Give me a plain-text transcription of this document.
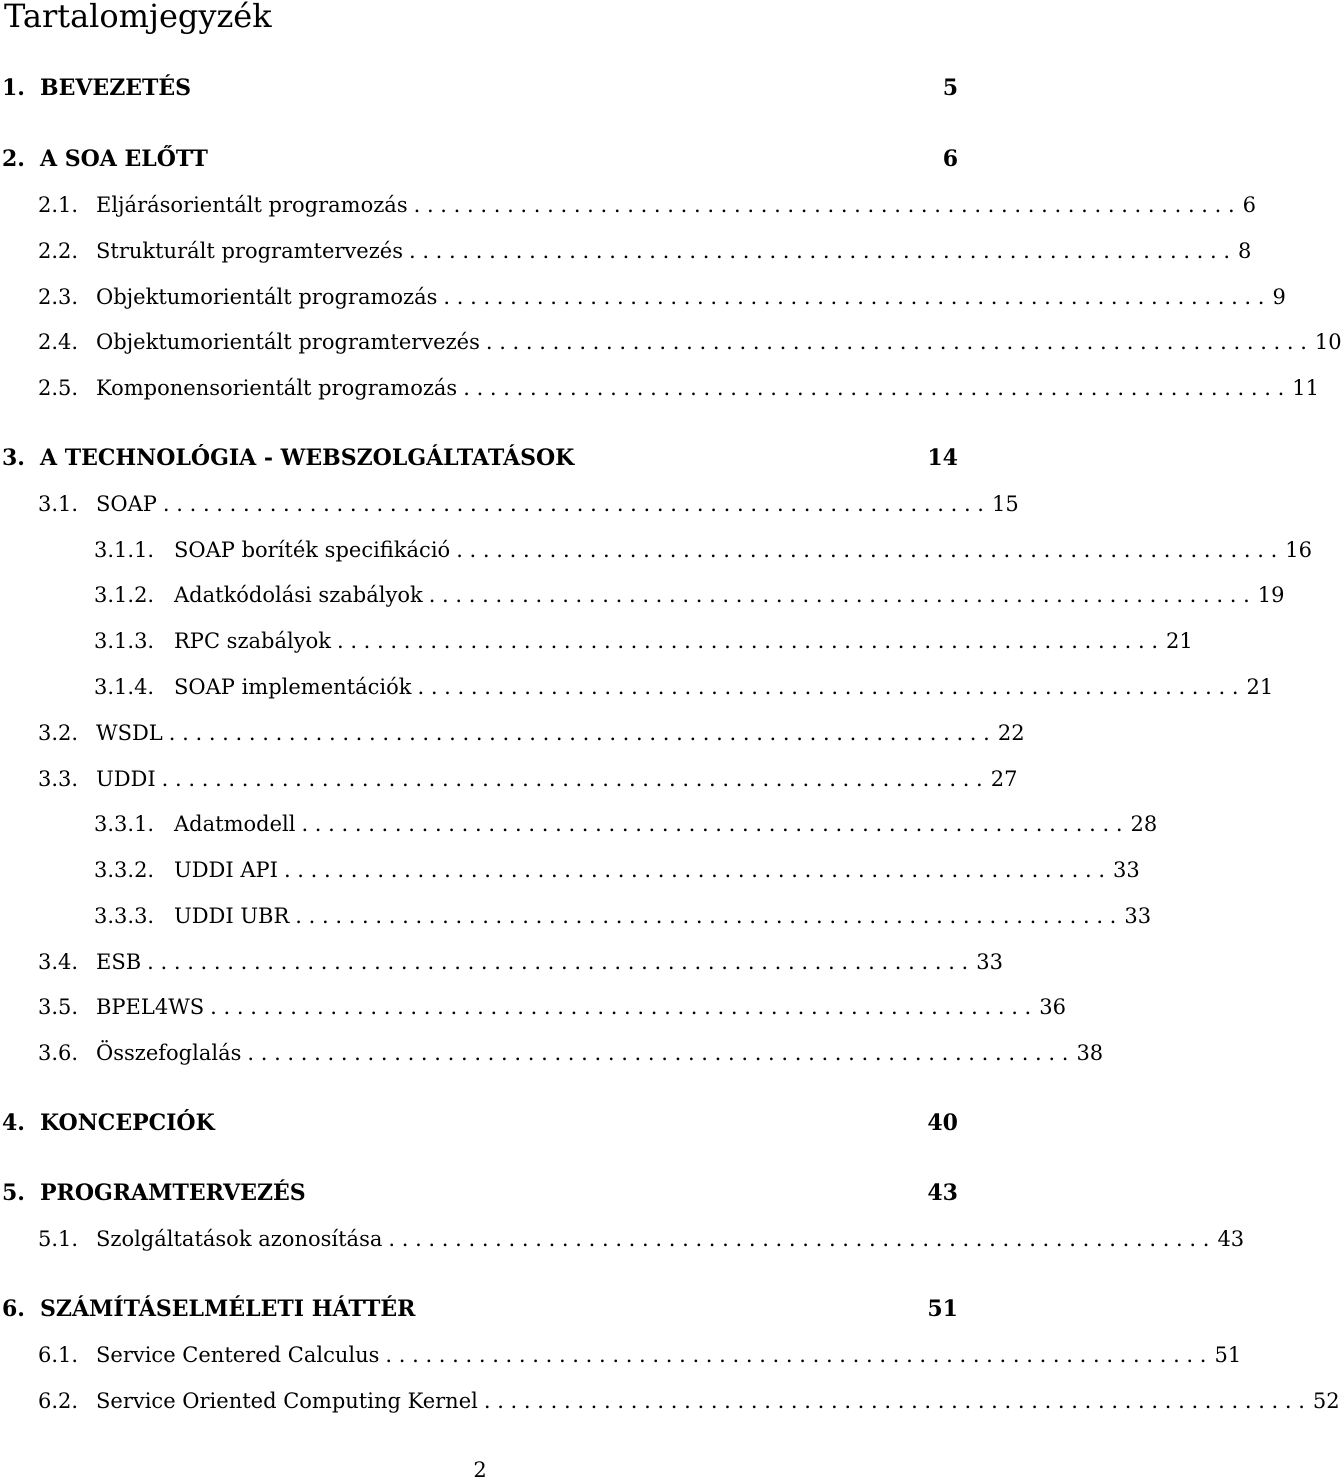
Tartalomjegyzék
1. BEVEZETÉS	5
2. A SOA ELŐTT	6
2.1. Eljárásorientált programozás . . . . . . . . . . . . . . . . . . . . . . . . . . . . . . . . . . . . . . . . . . . . . . . . . . . . . . . . . . . . . . 6
2.2. Strukturált programtervezés . . . . . . . . . . . . . . . . . . . . . . . . . . . . . . . . . . . . . . . . . . . . . . . . . . . . . . . . . . . . . . 8
2.3. Objektumorientált programozás . . . . . . . . . . . . . . . . . . . . . . . . . . . . . . . . . . . . . . . . . . . . . . . . . . . . . . . . . . . . . . 9
2.4. Objektumorientált programtervezés . . . . . . . . . . . . . . . . . . . . . . . . . . . . . . . . . . . . . . . . . . . . . . . . . . . . . . . . . . . . . . 10
2.5. Komponensorientált programozás . . . . . . . . . . . . . . . . . . . . . . . . . . . . . . . . . . . . . . . . . . . . . . . . . . . . . . . . . . . . . . 11
3. A TECHNOLÓGIA - WEBSZOLGÁLTATÁSOK	14
3.1. SOAP . . . . . . . . . . . . . . . . . . . . . . . . . . . . . . . . . . . . . . . . . . . . . . . . . . . . . . . . . . . . . . 15
3.1.1. SOAP boríték specifikáció . . . . . . . . . . . . . . . . . . . . . . . . . . . . . . . . . . . . . . . . . . . . . . . . . . . . . . . . . . . . . . 16
3.1.2. Adatkódolási szabályok . . . . . . . . . . . . . . . . . . . . . . . . . . . . . . . . . . . . . . . . . . . . . . . . . . . . . . . . . . . . . . 19
3.1.3. RPC szabályok . . . . . . . . . . . . . . . . . . . . . . . . . . . . . . . . . . . . . . . . . . . . . . . . . . . . . . . . . . . . . . 21
3.1.4. SOAP implementációk . . . . . . . . . . . . . . . . . . . . . . . . . . . . . . . . . . . . . . . . . . . . . . . . . . . . . . . . . . . . . . 21
3.2. WSDL . . . . . . . . . . . . . . . . . . . . . . . . . . . . . . . . . . . . . . . . . . . . . . . . . . . . . . . . . . . . . . 22
3.3. UDDI . . . . . . . . . . . . . . . . . . . . . . . . . . . . . . . . . . . . . . . . . . . . . . . . . . . . . . . . . . . . . . 27
3.3.1. Adatmodell . . . . . . . . . . . . . . . . . . . . . . . . . . . . . . . . . . . . . . . . . . . . . . . . . . . . . . . . . . . . . . 28
3.3.2. UDDI API . . . . . . . . . . . . . . . . . . . . . . . . . . . . . . . . . . . . . . . . . . . . . . . . . . . . . . . . . . . . . . 33
3.3.3. UDDI UBR . . . . . . . . . . . . . . . . . . . . . . . . . . . . . . . . . . . . . . . . . . . . . . . . . . . . . . . . . . . . . . 33
3.4. ESB . . . . . . . . . . . . . . . . . . . . . . . . . . . . . . . . . . . . . . . . . . . . . . . . . . . . . . . . . . . . . . 33
3.5. BPEL4WS . . . . . . . . . . . . . . . . . . . . . . . . . . . . . . . . . . . . . . . . . . . . . . . . . . . . . . . . . . . . . . 36
3.6. Összefoglalás . . . . . . . . . . . . . . . . . . . . . . . . . . . . . . . . . . . . . . . . . . . . . . . . . . . . . . . . . . . . . . 38
4. KONCEPCIÓK	40
5. PROGRAMTERVEZÉS	43
5.1. Szolgáltatások azonosítása . . . . . . . . . . . . . . . . . . . . . . . . . . . . . . . . . . . . . . . . . . . . . . . . . . . . . . . . . . . . . . 43
6. SZÁMÍTÁSELMÉLETI HÁTTÉR	51
6.1. Service Centered Calculus . . . . . . . . . . . . . . . . . . . . . . . . . . . . . . . . . . . . . . . . . . . . . . . . . . . . . . . . . . . . . . 51
6.2. Service Oriented Computing Kernel . . . . . . . . . . . . . . . . . . . . . . . . . . . . . . . . . . . . . . . . . . . . . . . . . . . . . . . . . . . . . . 52
2
